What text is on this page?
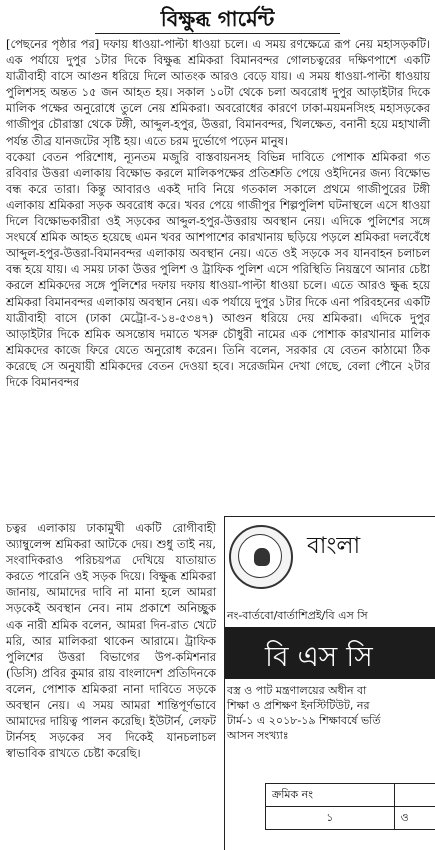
বিক্ষুব্ধ গার্মেন্ট

[পেছনের পৃষ্ঠার পর] দফায় ধাওয়া-পাল্টা ধাওয়া চলে। এ সময় রণক্ষেত্রে রূপ নেয় মহাসড়কটি। এক পর্যায়ে দুপুর ১টার দিকে বিক্ষুব্ধ শ্রমিকরা বিমানবন্দর গোলচত্বরের দক্ষিণপাশে একটি যাত্রীবাহী বাসে আগুন ধরিয়ে দিলে আতংক আরও বেড়ে যায়। এ সময় ধাওয়া-পাল্টা ধাওয়ায় পুলিশসহ অন্তত ১৫ জন আহত হয়। সকাল ১০টা থেকে চলা অবরোধ দুপুর আড়াইটার দিকে মালিক পক্ষের অনুরোধে তুলে নেয় শ্রমিকরা। অবরোধের কারণে ঢাকা-ময়মনসিংহ মহাসড়কের গাজীপুর চৌরাস্তা থেকে টঙ্গী, আব্দুল-হপুর, উত্তরা, বিমানবন্দর, খিলক্ষেত, বনানী হয়ে মহাখালী পর্যন্ত তীব্র যানজটের সৃষ্টি হয়। এতে চরম দুর্ভোগে পড়েন মানুষ।

বকেয়া বেতন পরিশোধ, ন্যূনতম মজুরি বাস্তবায়নসহ বিভিন্ন দাবিতে পোশাক শ্রমিকরা গত রবিবার উত্তরা এলাকায় বিক্ষোভ করলে মালিকপক্ষের প্রতিশ্রুতি পেয়ে ওইদিনের জন্য বিক্ষোভ বন্ধ করে তারা। কিন্তু আবারও একই দাবি নিয়ে গতকাল সকালে প্রথমে গাজীপুরের টঙ্গী এলাকায় শ্রমিকরা সড়ক অবরোধ করে। খবর পেয়ে গাজীপুর শিল্পপুলিশ ঘটনাস্থলে এসে ধাওয়া দিলে বিক্ষোভকারীরা ওই সড়কের আব্দুল-হপুর-উত্তরায় অবস্থান নেয়। এদিকে পুলিশের সঙ্গে সংঘর্ষে শ্রমিক আহত হয়েছে এমন খবর আশপাশের কারখানায় ছড়িয়ে পড়লে শ্রমিকরা দলবেঁধে আব্দুল-হপুর-উত্তরা-বিমানবন্দর এলাকায় অবস্থান নেয়। এতে ওই সড়কে সব যানবাহন চলাচল বন্ধ হয়ে যায়। এ সময় ঢাকা উত্তর পুলিশ ও ট্রাফিক পুলিশ এসে পরিস্থিতি নিয়ন্ত্রণে আনার চেষ্টা করলে শ্রমিকদের সঙ্গে পুলিশের দফায় দফায় ধাওয়া-পাল্টা ধাওয়া চলে। এতে আরও ক্ষুব্ধ হয়ে শ্রমিকরা বিমানবন্দর এলাকায় অবস্থান নেয়। এক পর্যায়ে দুপুর ১টার দিকে এনা পরিবহনের একটি যাত্রীবাহী বাসে (ঢাকা মেট্রো-ব-১৪-৫৩৪৭) আগুন ধরিয়ে দেয় শ্রমিকরা। এদিকে দুপুর আড়াইটার দিকে শ্রমিক অসন্তোষ দমাতে খসরু চৌধুরী নামের এক পোশাক কারখানার মালিক শ্রমিকদের কাজে ফিরে যেতে অনুরোধ করেন। তিনি বলেন, সরকার যে বেতন কাঠামো ঠিক করেছে সে অনুযায়ী শ্রমিকদের বেতন দেওয়া হবে। সরেজমিন দেখা গেছে, বেলা পৌনে ২টার দিকে বিমানবন্দর

চত্বর এলাকায় ঢাকামুখী একটি রোগীবাহী অ্যাম্বুলেন্স শ্রমিকরা আটকে দেয়। শুধু তাই নয়, সংবাদিকরাও পরিচয়পত্র দেখিয়ে যাতায়াত করতে পারেনি ওই সড়ক দিয়ে। বিক্ষুব্ধ শ্রমিকরা জানায়, আমাদের দাবি না মানা হলে আমরা সড়কেই অবস্থান নেব। নাম প্রকাশে অনিচ্ছুক এক নারী শ্রমিক বলেন, আমরা দিন-রাত খেটে মরি, আর মালিকরা থাকেন আরামে। ট্রাফিক পুলিশের উত্তরা বিভাগের উপ-কমিশনার (ডিসি) প্রবির কুমার রায় বাংলাদেশ প্রতিদিনকে বলেন, পোশাক শ্রমিকরা নানা দাবিতে সড়কে অবস্থান নেয়। এ সময় আমরা শান্তিপূর্ণভাবে আমাদের দায়িত্ব পালন করেছি। ইউটার্ন, লেফট টার্নসহ সড়কের সব দিকেই যানচলাচল স্বাভাবিক রাখতে চেষ্টা করেছি।

বাংলা
নং-বার্তবো/বার্তাশিপ্রই/বি এস সি
বি এস সি
বস্ত্র ও পাট মন্ত্রণালয়ের অধীন বা
শিক্ষা ও প্রশিক্ষণ ইনস্টিটিউট, নর
টার্ম-১ এ ২০১৮-১৯ শিক্ষাবর্ষে ভর্তি
আসন সংখ্যাঃ
ক্রমিক নং	
১	ও
